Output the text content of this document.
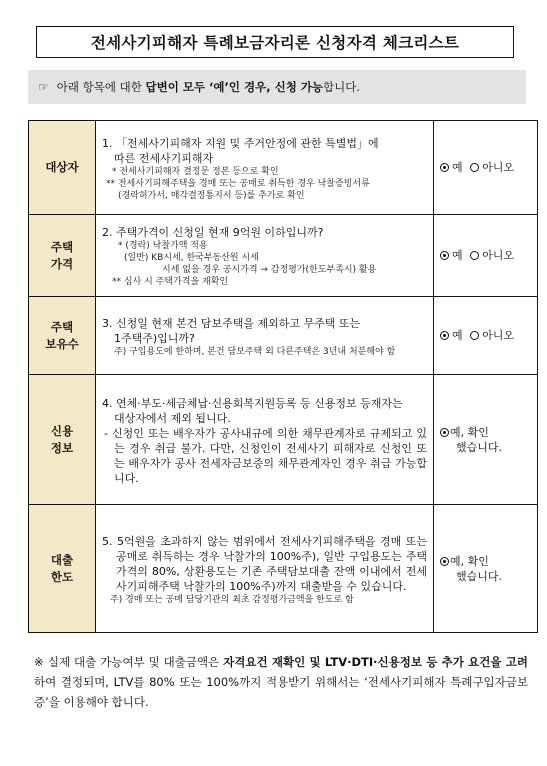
전세사기피해자 특례보금자리론 신청자격 체크리스트
☞ 아래 항목에 대한 답변이 모두 ‘예’인 경우, 신청 가능합니다.
대상자	1. 「전세사기피해자 지원 및 주거안정에 관한 특별법」에
따른 전세사기피해자
* 전세사기피해자 결정문 정본 등으로 확인
** 전세사기피해주택을 경매 또는 공매로 취득한 경우 낙찰증빙서류
(경락허가서, 매각결정통지서 등)를 추가로 확인	예
아니오

주택
가격	2. 주택가격이 신청일 현재 9억원 이하입니까?
* (경락) 낙찰가액 적용
(일반) KB시세, 한국부동산원 시세
시세 없을 경우 공시가격 → 감정평가(한도부족시) 활용
** 심사 시 주택가격을 재확인	예
아니오

주택
보유수	3. 신청일 현재 본건 담보주택을 제외하고 무주택 또는
1주택주)입니까?
주) 구입용도에 한하며, 본건 담보주택 외 다른주택은 3년내 처분해야 함	예
아니오

신용
정보	4. 연체·부도·세금체납·신용회복지원등록 등 신용정보 등재자는
대상자에서 제외 됩니다.
- 신청인 또는 배우자가 공사내규에 의한 채무관계자로 규제되고 있는 경우 취급 불가. 다만, 신청인이 전세사기 피해자로 신청인 또는 배우자가 공사 전세자금보증의 채무관계자인 경우 취급 가능합니다.	예, 확인
했습니다.

대출
한도	5. 5억원을 초과하지 않는 범위에서 전세사기피해주택을 경매 또는 공매로 취득하는 경우 낙찰가의 100%주), 일반 구입용도는 주택가격의 80%, 상환용도는 기존 주택담보대출 잔액 이내에서 전세사기피해주택 낙찰가의 100%주)까지 대출받을 수 있습니다.
주) 경매 또는 공매 담당기관의 최초 감정평가금액을 한도로 함	예, 확인
했습니다.
※ 실제 대출 가능여부 및 대출금액은 자격요건 재확인 및 LTV·DTI·신용정보 등 추가 요건을 고려하여 결정되며, LTV를 80% 또는 100%까지 적용받기 위해서는 ‘전세사기피해자 특례구입자금보증’을 이용해야 합니다.
